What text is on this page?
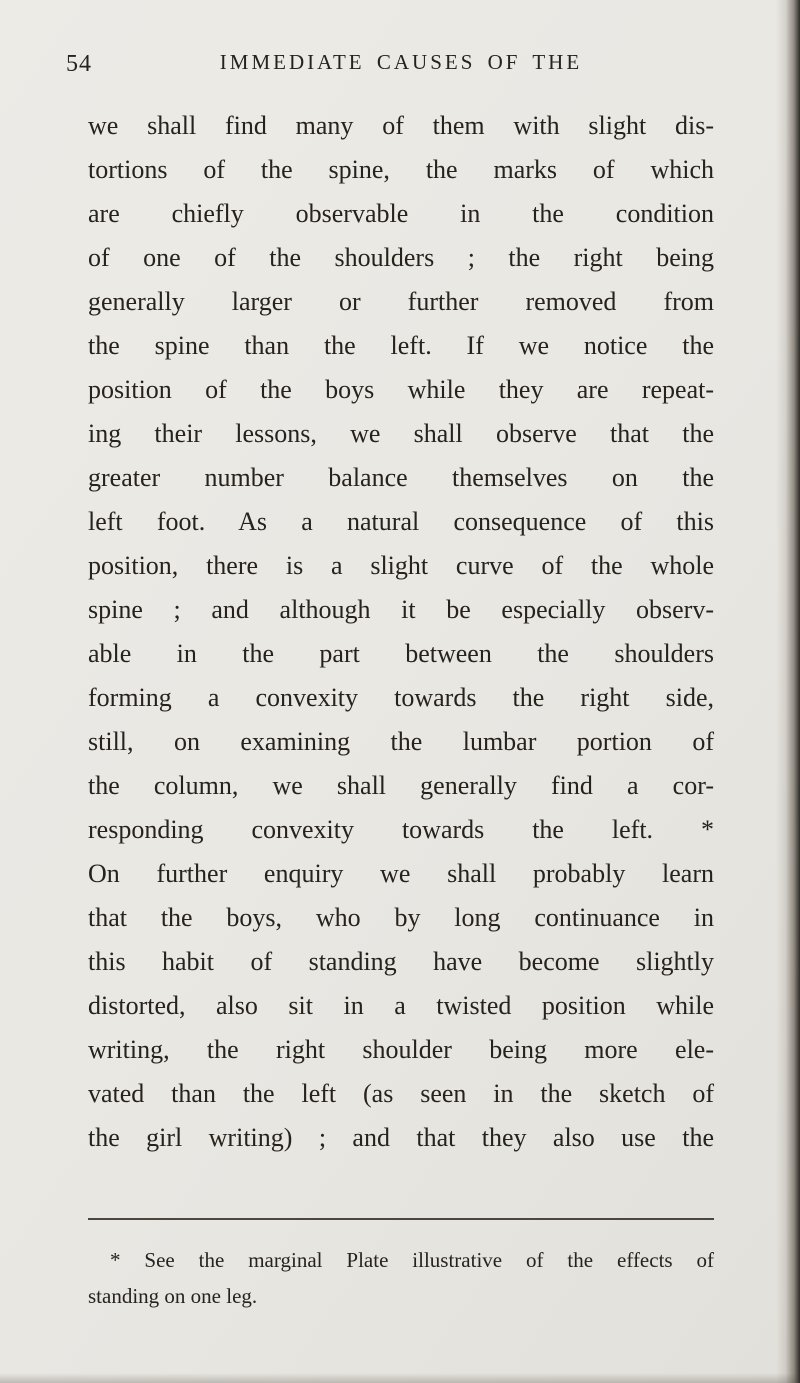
54	IMMEDIATE CAUSES OF THE
we shall find many of them with slight dis-
tortions of the spine, the marks of which
are chiefly observable in the condition
of one of the shoulders ; the right being
generally larger or further removed from
the spine than the left. If we notice the
position of the boys while they are repeat-
ing their lessons, we shall observe that the
greater number balance themselves on the
left foot. As a natural consequence of this
position, there is a slight curve of the whole
spine ; and although it be especially observ-
able in the part between the shoulders
forming a convexity towards the right side,
still, on examining the lumbar portion of
the column, we shall generally find a cor-
responding convexity towards the left. *
On further enquiry we shall probably learn
that the boys, who by long continuance in
this habit of standing have become slightly
distorted, also sit in a twisted position while
writing, the right shoulder being more ele-
vated than the left (as seen in the sketch of
the girl writing) ; and that they also use the
* See the marginal Plate illustrative of the effects of
standing on one leg.
